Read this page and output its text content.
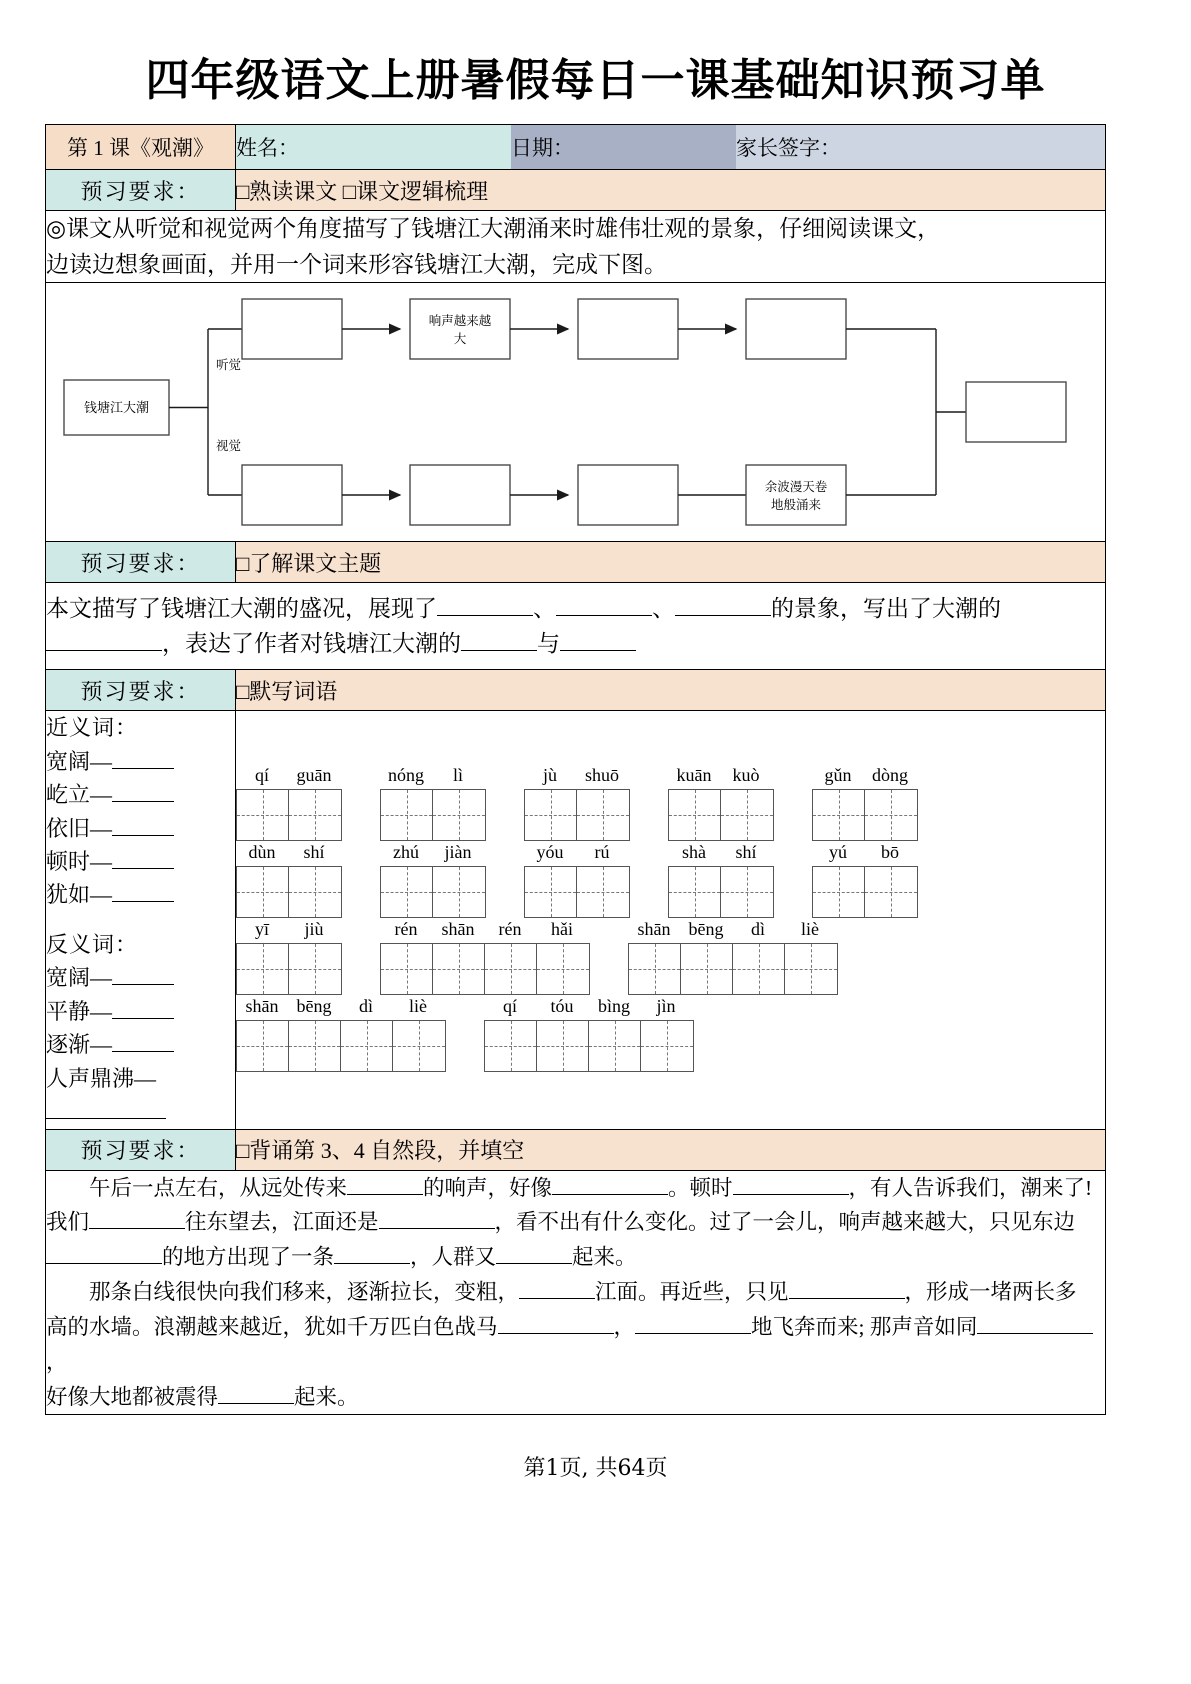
四年级语文上册暑假每日一课基础知识预习单
第 1 课《观潮》	姓名：	日期：	家长签字：

预习要求：	□熟读课文 □课文逻辑梳理

◎课文从听觉和视觉两个角度描写了钱塘江大潮涌来时雄伟壮观的景象，仔细阅读课文，

边读边想象画面，并用一个词来形容钱塘江大潮，完成下图。

钱塘江大潮
听觉
视觉
响声越来越
大
余波漫天卷
地般涌来

预习要求：	□了解课文主题

本文描写了钱塘江大潮的盛况，展现了	、	、	的景象，写出了大潮的

，表达了作者对钱塘江大潮的	与

预习要求：	□默写词语

近义词：
宽阔—
屹立—
依旧—
顿时—
犹如—
反义词：
宽阔—
平静—
逐渐—
人声鼎沸—

qí	guān	nóng	lì	jù	shuō	kuān	kuò	gǔn	dòng
dùn	shí	zhú	jiàn	yóu	rú	shà	shí	yú	bō
yī	jiù	rén	shān	rén	hǎi	shān	bēng	dì	liè
shān	bēng	dì	liè	qí	tóu	bìng	jìn

预习要求：	□背诵第 3、4 自然段，并填空

午后一点左右，从远处传来	的响声，好像	。顿时	，有人告诉我们，潮来了!

我们	往东望去，江面还是	，看不出有什么变化。过了一会儿，响声越来越大，只见东边

的地方出现了一条	，人群又	起来。

那条白线很快向我们移来，逐渐拉长，变粗，	江面。再近些，只见	，形成一堵两长多

高的水墙。浪潮越来越近，犹如千万匹白色战马	，	地飞奔而来; 那声音如同，

好像大地都被震得	起来。

第1页, 共64页
